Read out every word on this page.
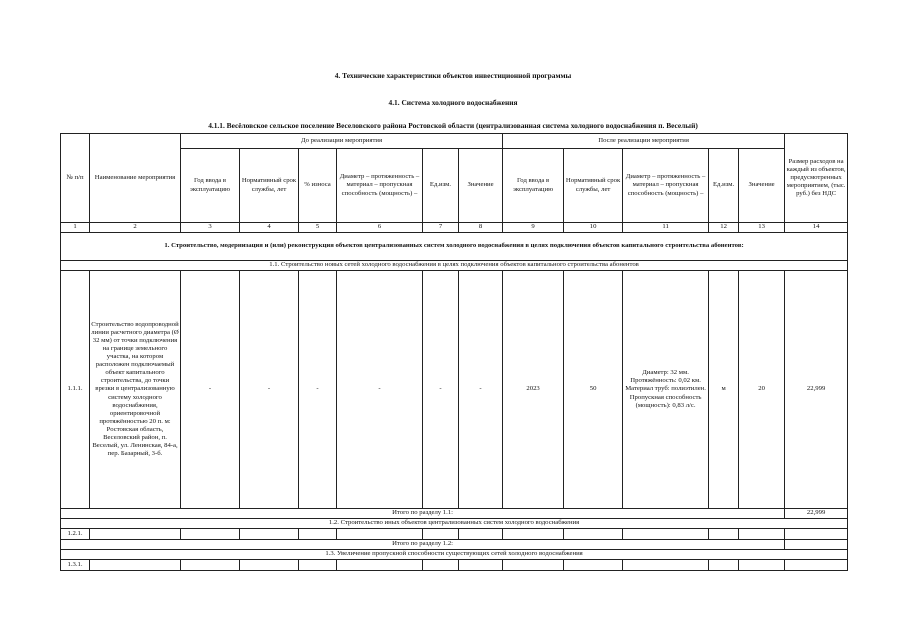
4. Технические характеристики объектов инвестиционной программы
4.1. Система холодного водоснабжения
4.1.1. Весёловское сельское поселение Веселовского района Ростовской области (централизованная система холодного водоснабжения п. Веселый)
№ п/п	Наименование мероприятия	До реализации мероприятия						После реализации мероприятия					Размер расходов на каждый из объектов, предусмотренных мероприятием, (тыс. руб.) без НДС
		Год ввода в эксплуатацию	Нормативный срок службы, лет	% износа	Диаметр – протяженность – материал – пропускная способность (мощность) –	Ед.изм.	Значение	Год ввода в эксплуатацию	Нормативный срок службы, лет	Диаметр – протяженность – материал – пропускная способность (мощность) –	Ед.изм.	Значение	
1	2	3	4	5	6	7	8	9	10	11	12	13	14
1. Строительство, модернизация и (или) реконструкция объектов централизованных систем холодного водоснабжения в целях подключения объектов капитального строительства абонентов:													
1.1. Строительство новых сетей холодного водоснабжения в целях подключения объектов капитального строительства абонентов													
1.1.1.	Строительство водопроводной линии расчетного диаметра (Ø 32 мм) от точки подключения на границе земельного участка, на котором расположен подключаемый объект капитального строительства, до точки врезки в централизованную систему холодного водоснабжения, ориентировочной протяжённостью 20 п. м: Ростовская область, Веселовский район, п. Веселый, ул. Ленинская, 84-а, пер. Базарный, 3-б.	-	-	-	-	-	-	2023	50	Диаметр: 32 мм. Протяжённость: 0,02 км. Материал труб: полиэтилен. Пропускная способность (мощность): 0,83 л/с.	м	20	22,999
Итого по разделу 1.1:													22,999
1.2. Строительство иных объектов централизованных систем холодного водоснабжения													
1.2.1.													
Итого по разделу 1.2:													
1.3. Увеличение пропускной способности существующих сетей холодного водоснабжения													
1.3.1.													
